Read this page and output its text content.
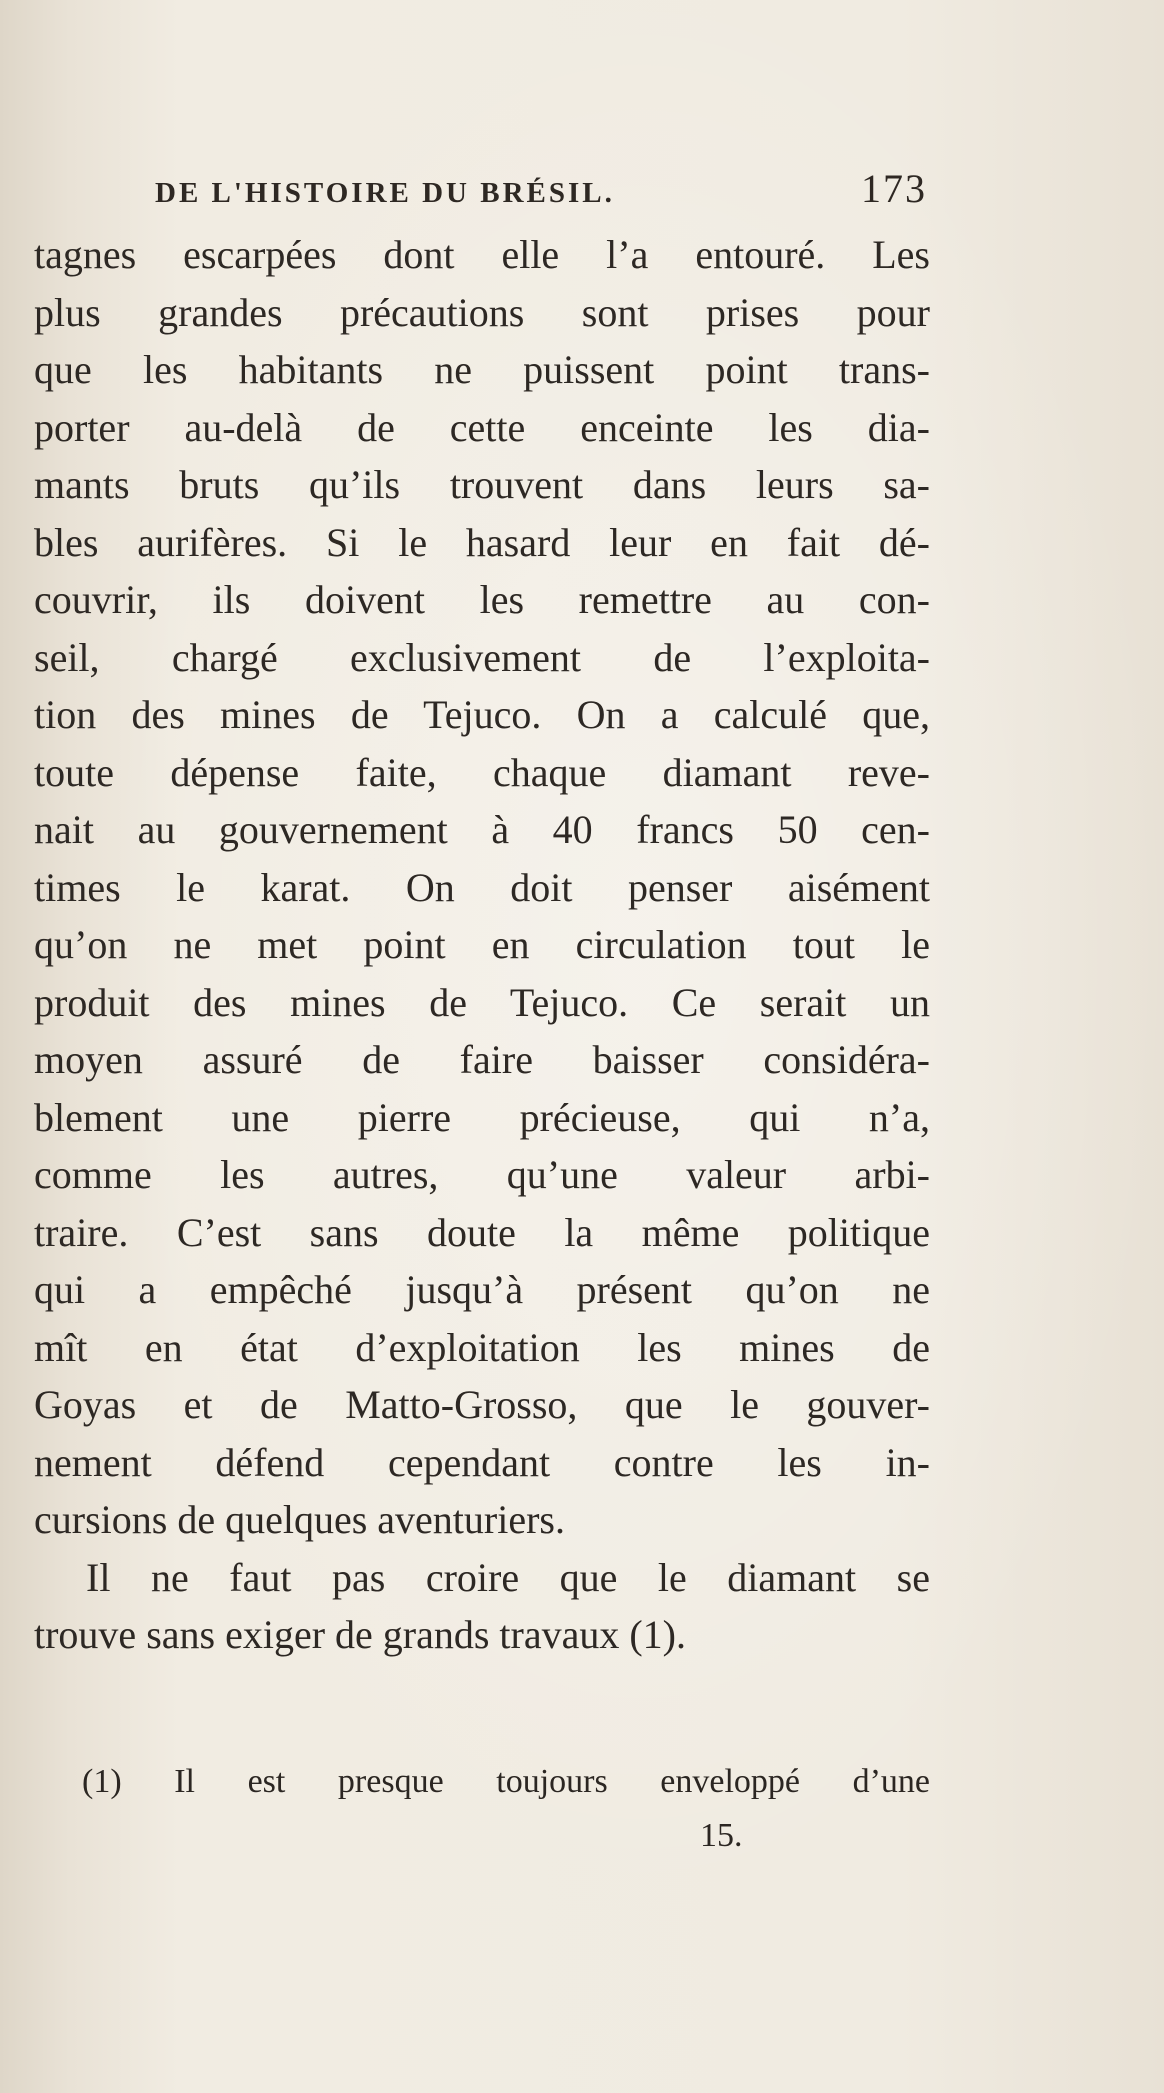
DE L'HISTOIRE DU BRÉSIL.	173
tagnes escarpées dont elle l’a entouré. Les
plus grandes précautions sont prises pour
que les habitants ne puissent point trans-
porter au-delà de cette enceinte les dia-
mants bruts qu’ils trouvent dans leurs sa-
bles aurifères. Si le hasard leur en fait dé-
couvrir, ils doivent les remettre au con-
seil, chargé exclusivement de l’exploita-
tion des mines de Tejuco. On a calculé que,
toute dépense faite, chaque diamant reve-
nait au gouvernement à 40 francs 50 cen-
times le karat. On doit penser aisément
qu’on ne met point en circulation tout le
produit des mines de Tejuco. Ce serait un
moyen assuré de faire baisser considéra-
blement une pierre précieuse, qui n’a,
comme les autres, qu’une valeur arbi-
traire. C’est sans doute la même politique
qui a empêché jusqu’à présent qu’on ne
mît en état d’exploitation les mines de
Goyas et de Matto-Grosso, que le gouver-
nement défend cependant contre les in-
cursions de quelques aventuriers.
Il ne faut pas croire que le diamant se
trouve sans exiger de grands travaux (1).
(1) Il est presque toujours enveloppé d’une
15.
